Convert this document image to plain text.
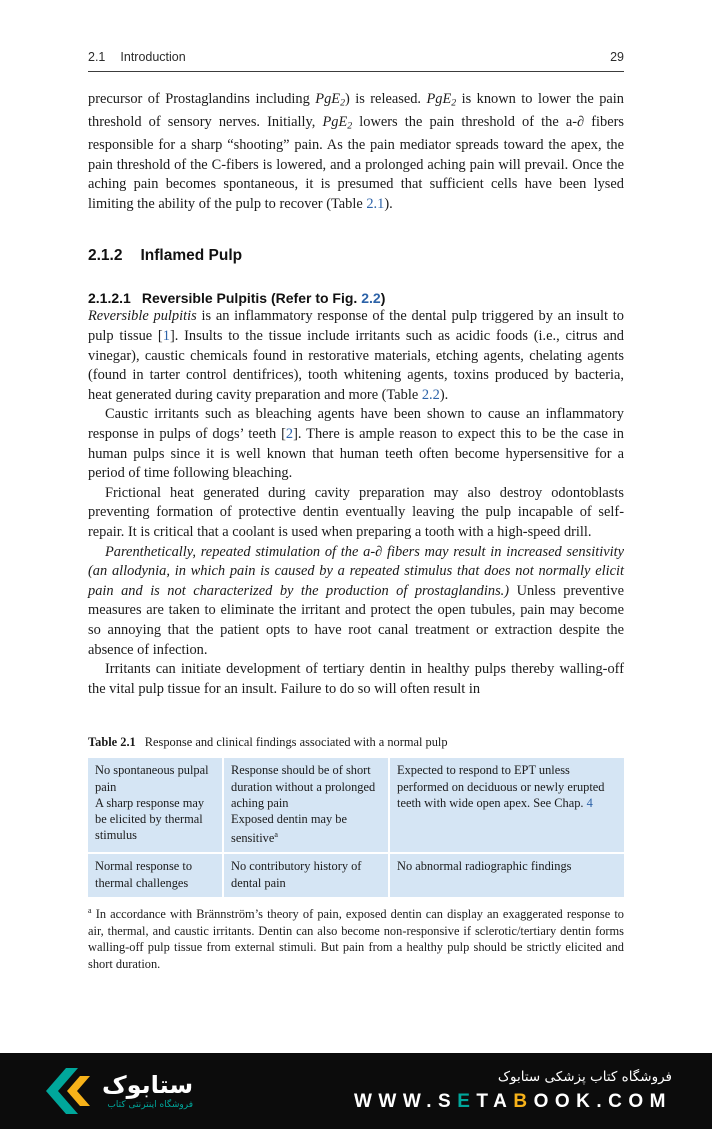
2.1 Introduction	29

precursor of Prostaglandins including PgE2) is released. PgE2 is known to lower the pain threshold of sensory nerves. Initially, PgE2 lowers the pain threshold of the a-∂ fibers responsible for a sharp “shooting” pain. As the pain mediator spreads toward the apex, the pain threshold of the C-fibers is lowered, and a prolonged aching pain will prevail. Once the aching pain becomes spontaneous, it is presumed that sufficient cells have been lysed limiting the ability of the pulp to recover (Table 2.1).

2.1.2 Inflamed Pulp
2.1.2.1 Reversible Pulpitis (Refer to Fig. 2.2)

Reversible pulpitis is an inflammatory response of the dental pulp triggered by an insult to pulp tissue [1]. Insults to the tissue include irritants such as acidic foods (i.e., citrus and vinegar), caustic chemicals found in restorative materials, etching agents, chelating agents (found in tarter control dentifrices), tooth whitening agents, toxins produced by bacteria, heat generated during cavity preparation and more (Table 2.2).

Caustic irritants such as bleaching agents have been shown to cause an inflammatory response in pulps of dogs’ teeth [2]. There is ample reason to expect this to be the case in human pulps since it is well known that human teeth often become hypersensitive for a period of time following bleaching.

Frictional heat generated during cavity preparation may also destroy odontoblasts preventing formation of protective dentin eventually leaving the pulp incapable of self-repair. It is critical that a coolant is used when preparing a tooth with a high-speed drill.

Parenthetically, repeated stimulation of the a-∂ fibers may result in increased sensitivity (an allodynia, in which pain is caused by a repeated stimulus that does not normally elicit pain and is not characterized by the production of prostaglandins.) Unless preventive measures are taken to eliminate the irritant and protect the open tubules, pain may become so annoying that the patient opts to have root canal treatment or extraction despite the absence of infection.

Irritants can initiate development of tertiary dentin in healthy pulps thereby walling-off the vital pulp tissue for an insult. Failure to do so will often result in

Table 2.1 Response and clinical findings associated with a normal pulp
No spontaneous pulpal pain
A sharp response may be elicited by thermal stimulus
Response should be of short duration without a prolonged aching pain
Exposed dentin may be sensitive$^a$
Expected to respond to EPT unless performed on deciduous or newly erupted teeth with wide open apex. See Chap. 4
Normal response to thermal challenges
No contributory history of dental pain
No abnormal radiographic findings
$^a$ In accordance with Brännström’s theory of pain, exposed dentin can display an exaggerated response to air, thermal, and caustic irritants. Dentin can also become non-responsive if sclerotic/tertiary dentin forms walling-off pulp tissue from external stimuli. But pain from a healthy pulp should be strictly elicited and short duration.
ستابوک
فروشگاه اینترنتی کتاب
فروشگاه کتاب پزشکی ستابوک
WWW.SETABOOK.COM
